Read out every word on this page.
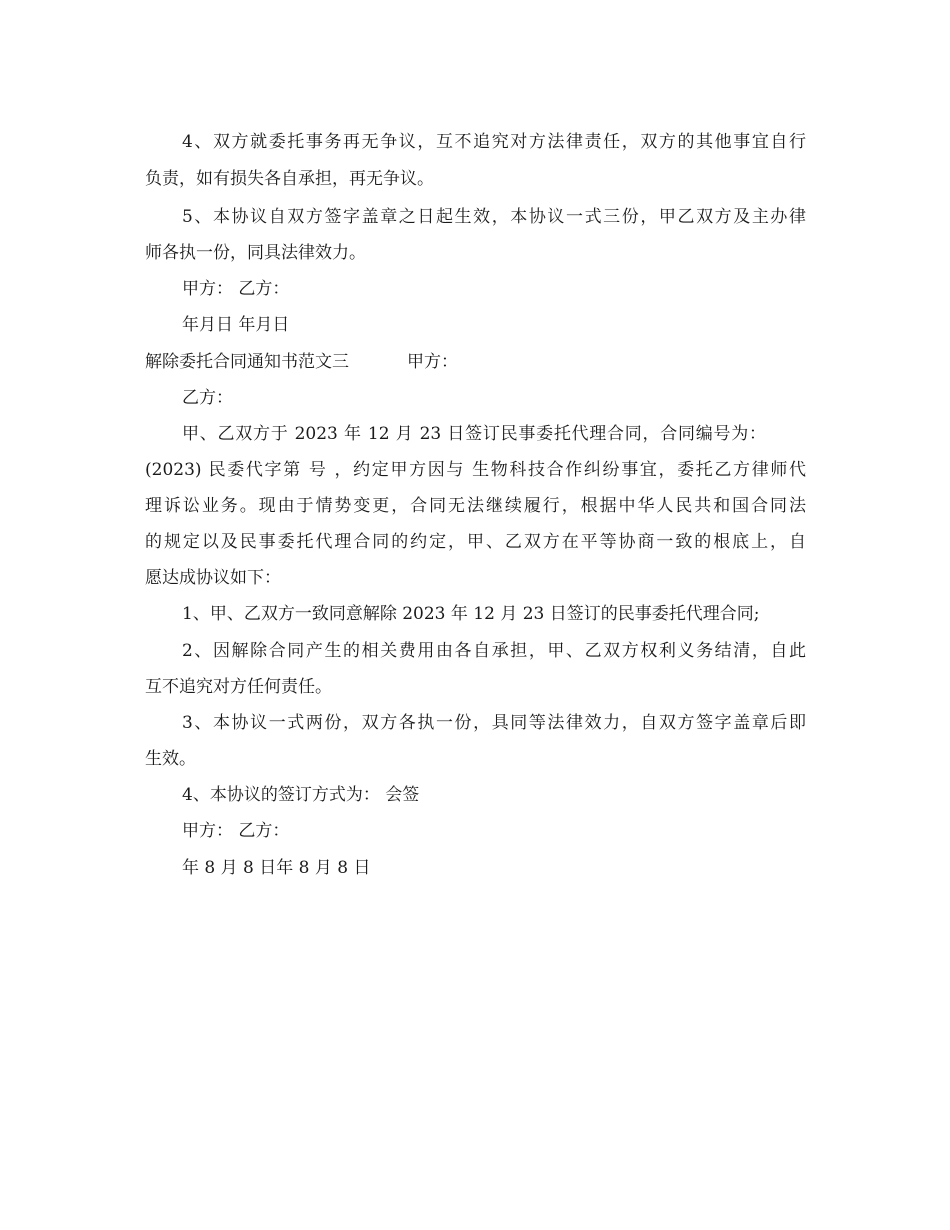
4、双方就委托事务再无争议，互不追究对方法律责任，双方的其他事宜自行
负责，如有损失各自承担，再无争议。
5、本协议自双方签字盖章之日起生效，本协议一式三份，甲乙双方及主办律
师各执一份，同具法律效力。
甲方： 乙方：
年月日 年月日
解除委托合同通知书范文三	甲方：
乙方：
甲、乙双方于 2023 年 12 月 23 日签订民事委托代理合同，合同编号为：
(2023) 民委代字第 号 ，约定甲方因与 生物科技合作纠纷事宜，委托乙方律师代
理诉讼业务。现由于情势变更，合同无法继续履行，根据中华人民共和国合同法
的规定以及民事委托代理合同的约定，甲、乙双方在平等协商一致的根底上，自
愿达成协议如下：
1、甲、乙双方一致同意解除 2023 年 12 月 23 日签订的民事委托代理合同;
2、因解除合同产生的相关费用由各自承担，甲、乙双方权利义务结清，自此
互不追究对方任何责任。
3、本协议一式两份，双方各执一份，具同等法律效力，自双方签字盖章后即
生效。
4、本协议的签订方式为： 会签
甲方： 乙方：
年 8 月 8 日年 8 月 8 日
